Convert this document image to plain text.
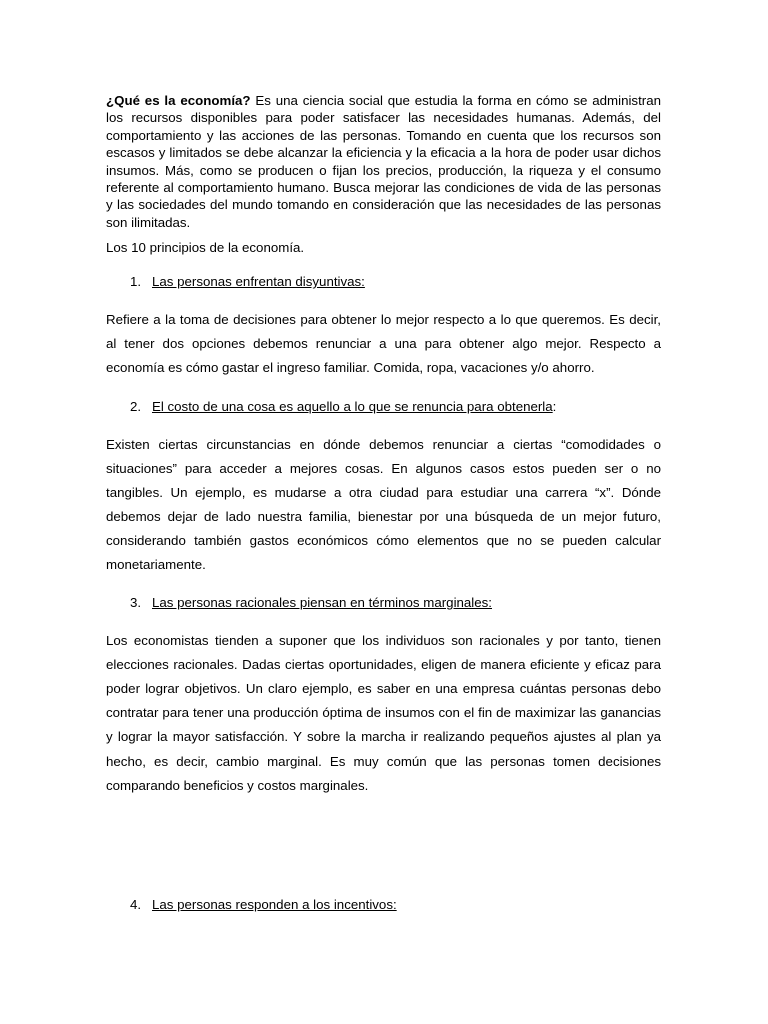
¿Qué es la economía? Es una ciencia social que estudia la forma en cómo se administran los recursos disponibles para poder satisfacer las necesidades humanas. Además, del comportamiento y las acciones de las personas. Tomando en cuenta que los recursos son escasos y limitados se debe alcanzar la eficiencia y la eficacia a la hora de poder usar dichos insumos. Más, como se producen o fijan los precios, producción, la riqueza y el consumo referente al comportamiento humano. Busca mejorar las condiciones de vida de las personas y las sociedades del mundo tomando en consideración que las necesidades de las personas son ilimitadas.

Los 10 principios de la economía.

1. Las personas enfrentan disyuntivas:

Refiere a la toma de decisiones para obtener lo mejor respecto a lo que queremos. Es decir, al tener dos opciones debemos renunciar a una para obtener algo mejor. Respecto a economía es cómo gastar el ingreso familiar. Comida, ropa, vacaciones y/o ahorro.

2. El costo de una cosa es aquello a lo que se renuncia para obtenerla:

Existen ciertas circunstancias en dónde debemos renunciar a ciertas “comodidades o situaciones” para acceder a mejores cosas. En algunos casos estos pueden ser o no tangibles. Un ejemplo, es mudarse a otra ciudad para estudiar una carrera “x”. Dónde debemos dejar de lado nuestra familia, bienestar por una búsqueda de un mejor futuro, considerando también gastos económicos cómo elementos que no se pueden calcular monetariamente.

3. Las personas racionales piensan en términos marginales:

Los economistas tienden a suponer que los individuos son racionales y por tanto, tienen elecciones racionales. Dadas ciertas oportunidades, eligen de manera eficiente y eficaz para poder lograr objetivos. Un claro ejemplo, es saber en una empresa cuántas personas debo contratar para tener una producción óptima de insumos con el fin de maximizar las ganancias y lograr la mayor satisfacción. Y sobre la marcha ir realizando pequeños ajustes al plan ya hecho, es decir, cambio marginal. Es muy común que las personas tomen decisiones comparando beneficios y costos marginales.

4. Las personas responden a los incentivos:
